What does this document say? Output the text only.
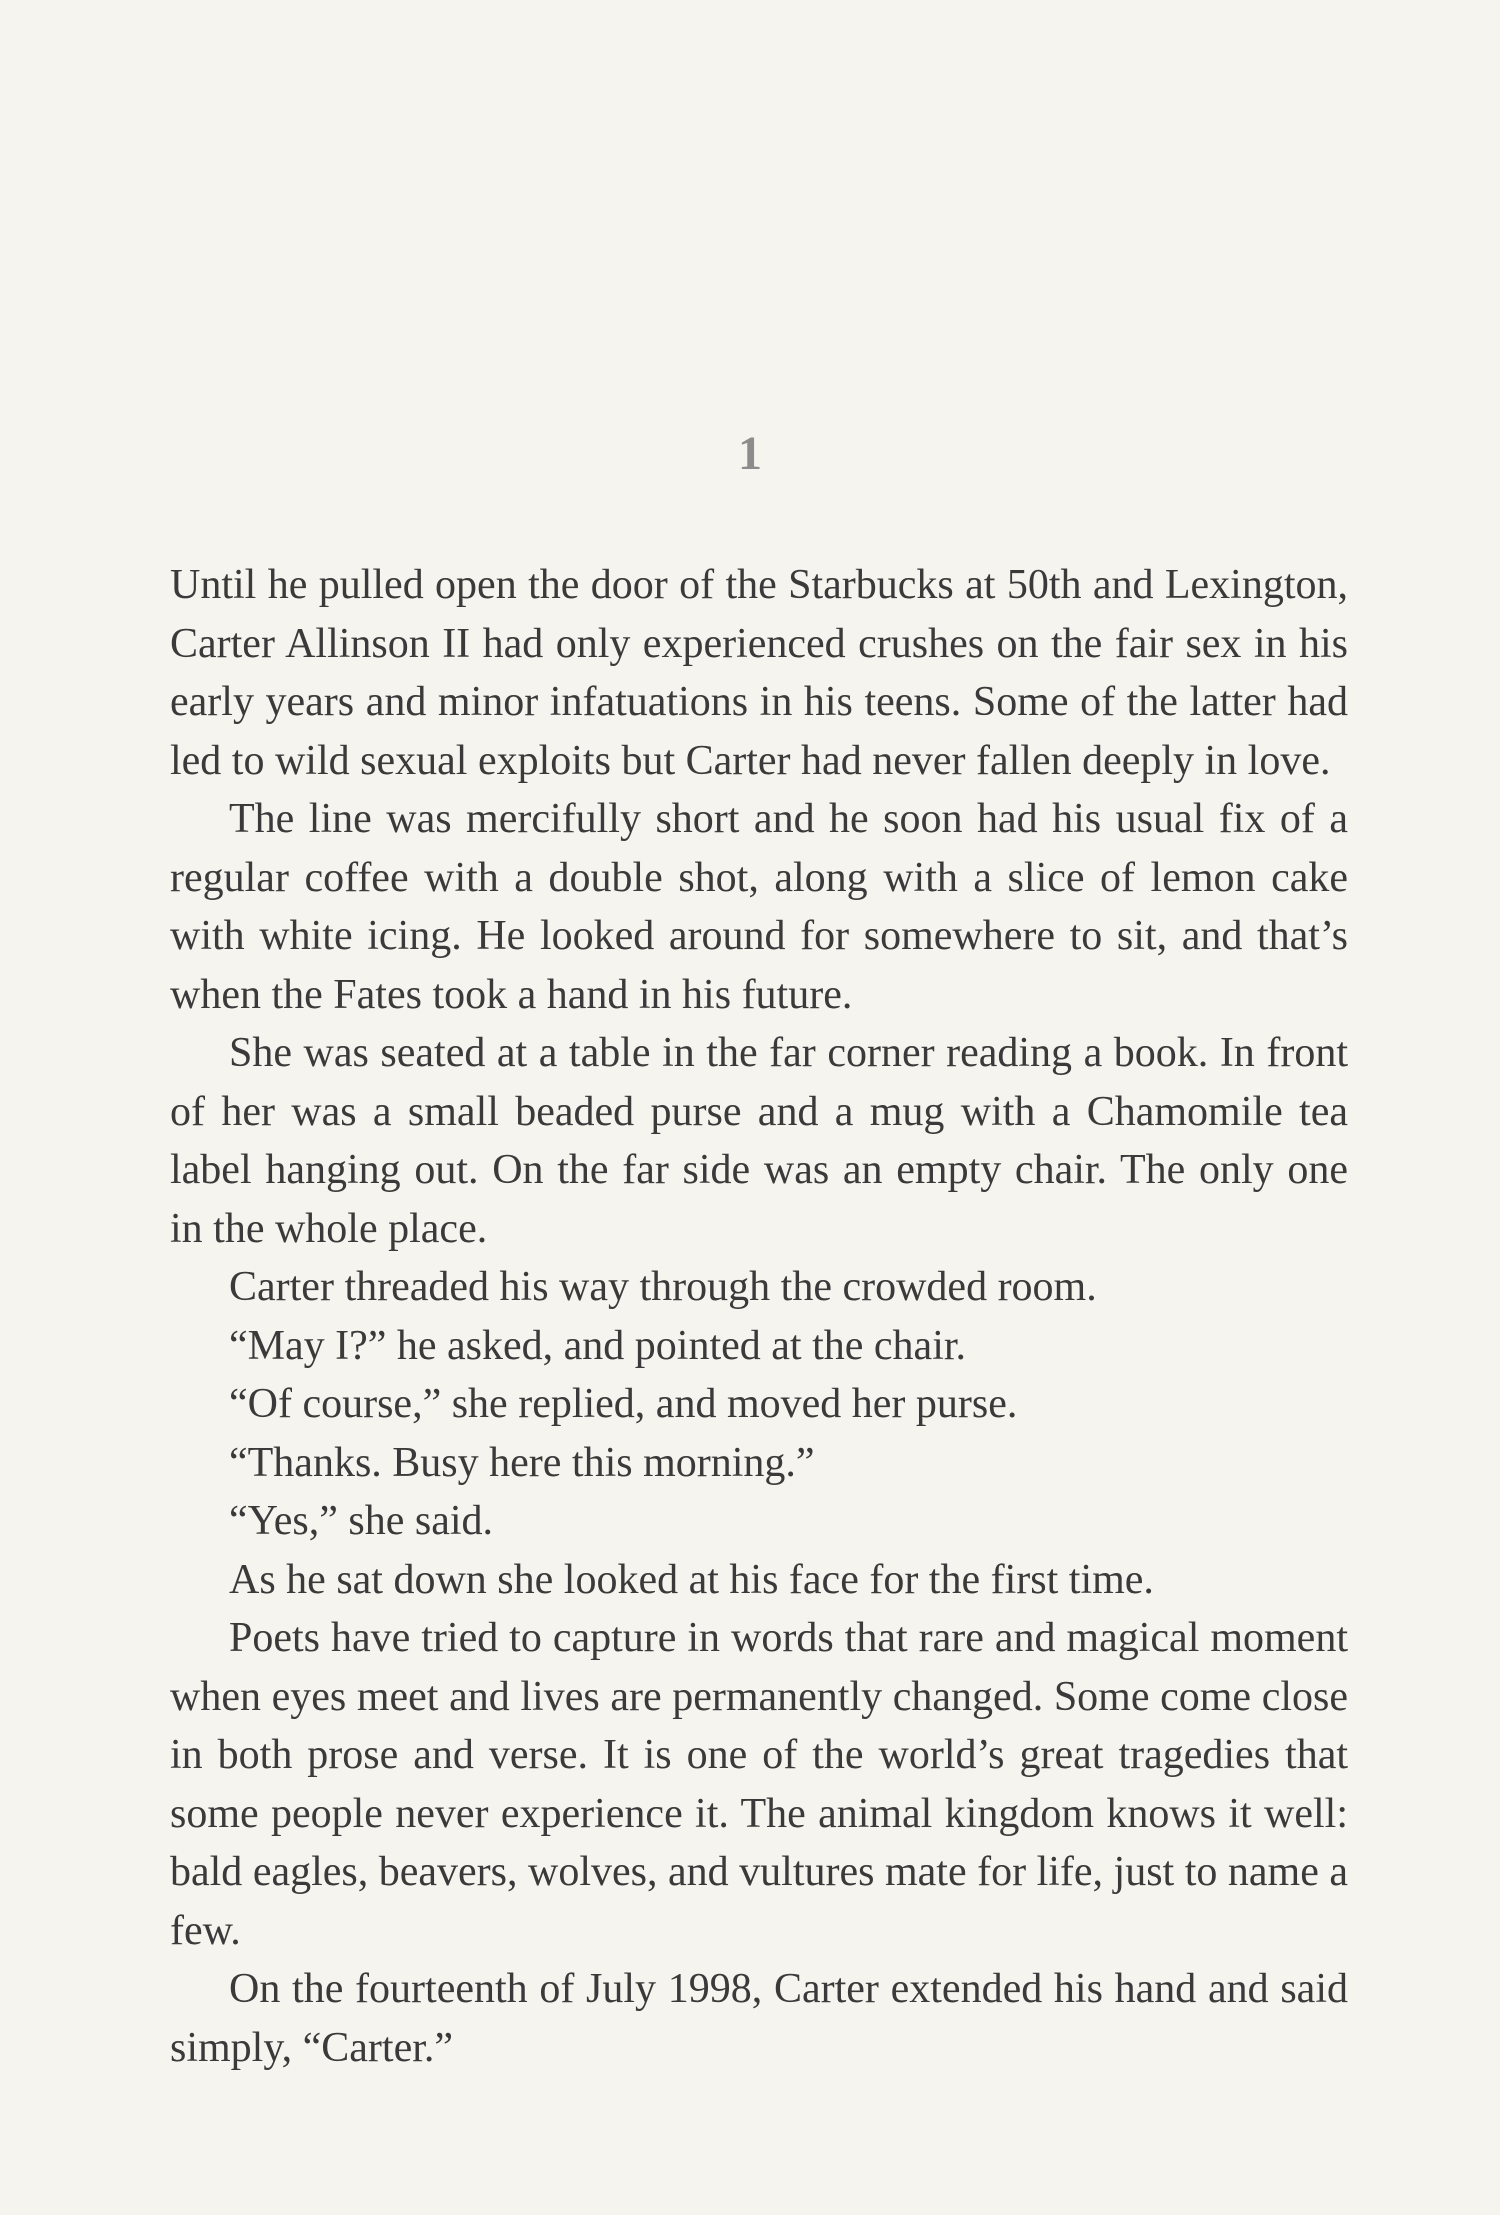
1

Until he pulled open the door of the Starbucks at 50th and Lexington, Carter Allinson II had only experienced crushes on the fair sex in his early years and minor infatuations in his teens. Some of the latter had led to wild sexual exploits but Carter had never fallen deeply in love.

The line was mercifully short and he soon had his usual fix of a regular coffee with a double shot, along with a slice of lemon cake with white icing. He looked around for somewhere to sit, and that’s when the Fates took a hand in his future.

She was seated at a table in the far corner reading a book. In front of her was a small beaded purse and a mug with a Chamomile tea label hanging out. On the far side was an empty chair. The only one in the whole place.

Carter threaded his way through the crowded room.

“May I?” he asked, and pointed at the chair.

“Of course,” she replied, and moved her purse.

“Thanks. Busy here this morning.”

“Yes,” she said.

As he sat down she looked at his face for the first time.

Poets have tried to capture in words that rare and magical moment when eyes meet and lives are permanently changed. Some come close in both prose and verse. It is one of the world’s great tragedies that some people never experience it. The animal kingdom knows it well: bald eagles, beavers, wolves, and vultures mate for life, just to name a few.

On the fourteenth of July 1998, Carter extended his hand and said simply, “Carter.”
